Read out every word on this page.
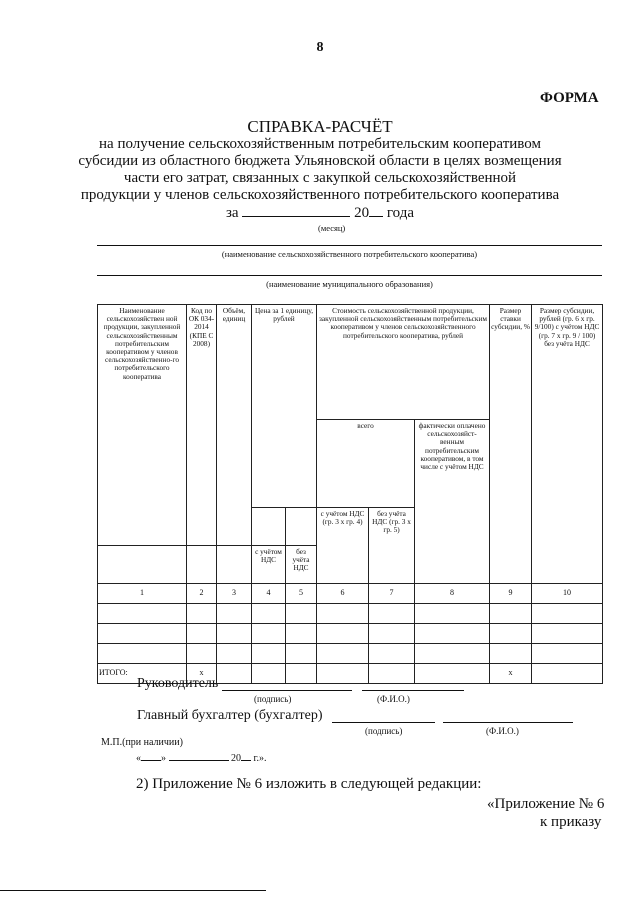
8
ФОРМА
СПРАВКА-РАСЧЁТ
на получение сельскохозяйственным потребительским кооперативом
субсидии из областного бюджета Ульяновской области в целях возмещения
части его затрат, связанных с закупкой сельскохозяйственной
продукции у членов сельскохозяйственного потребительского кооператива
за	20 года
(месяц)
(наименование сельскохозяйственного потребительского кооператива)
(наименование муниципального образования)
Наименование сельскохозяйствен ной продукции, закупленной сельскохозяйственным потребительским кооперативом у членов сельскохозяйственно-го потребительского кооператива	Код по ОК 034-2014 (КПЕ С 2008)	Объём, единиц	Цена за 1 единицу, рублей		Стоимость сельскохозяйственной продукции, закупленной сельскохозяйственным потребительским кооперативом у членов сельскохозяйственного потребительского кооператива, рублей			Размер ставки субсидии, %	Размер субсидии, рублей (гр. 6 х гр. 9/100) с учётом НДС (гр. 7 х гр. 9 / 100) без учёта НДС
					всего		фактически оплачено сельскохозяйст-венным потребительским кооперативом, в том числе с учётом НДС		
					с учётом НДС (гр. 3 х гр. 4)	без учёта НДС (гр. 3 х гр. 5)			
			с учётом НДС	без учёта НДС					
1	2	3	4	5	6	7	8	9	10

ИТОГО:	x							x	
Руководитель
(подпись)	(Ф.И.О.)
Главный бухгалтер (бухгалтер)
(подпись)	(Ф.И.О.)
М.П.(при наличии)
« »	20 г.».
2) Приложение № 6 изложить в следующей редакции:
«Приложение № 6
к приказу
